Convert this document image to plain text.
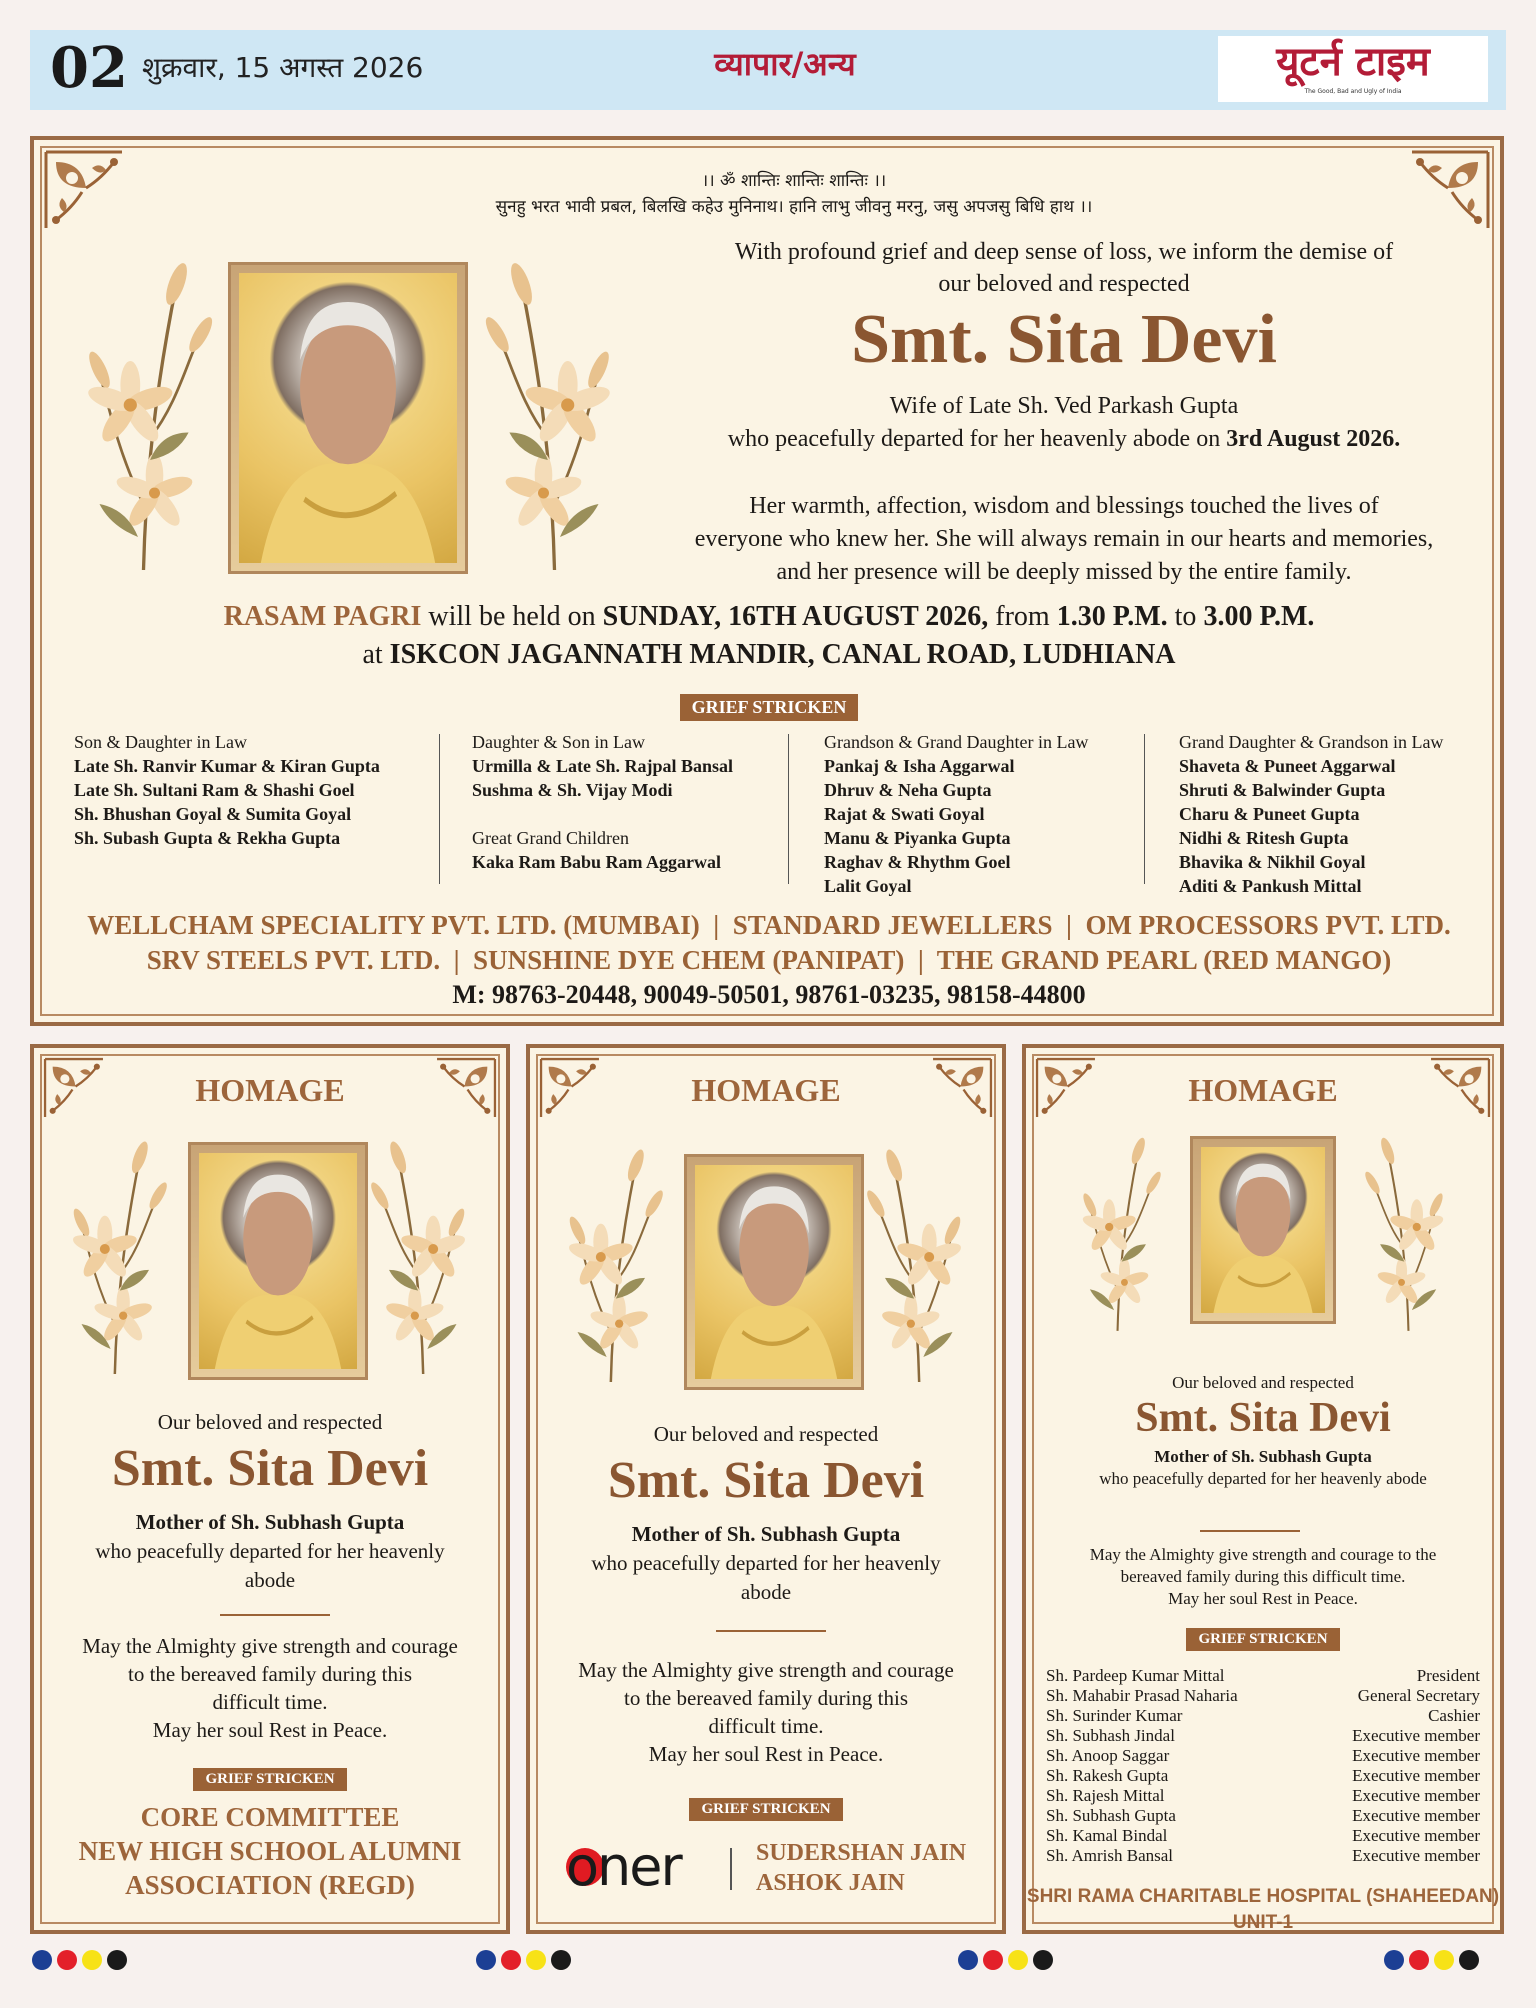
02 शुक्रवार, 15 अगस्त 2026	व्यापार/अन्य	यूटर्न टाइम
The Good, Bad and Ugly of India
।। ॐ शान्तिः शान्तिः शान्तिः ।।
सुनहु भरत भावी प्रबल, बिलखि कहेउ मुनिनाथ। हानि लाभु जीवनु मरनु, जसु अपजसु बिधि हाथ ।।
With profound grief and deep sense of loss, we inform the demise of
our beloved and respected
Smt. Sita Devi
Wife of Late Sh. Ved Parkash Gupta
who peacefully departed for her heavenly abode on 3rd August 2026.
Her warmth, affection, wisdom and blessings touched the lives of
everyone who knew her. She will always remain in our hearts and memories,
and her presence will be deeply missed by the entire family.
RASAM PAGRI will be held on SUNDAY, 16TH AUGUST 2026, from 1.30 P.M. to 3.00 P.M.
at ISKCON JAGANNATH MANDIR, CANAL ROAD, LUDHIANA
GRIEF STRICKEN
Son & Daughter in Law
Late Sh. Ranvir Kumar & Kiran Gupta
Late Sh. Sultani Ram & Shashi Goel
Sh. Bhushan Goyal & Sumita Goyal
Sh. Subash Gupta & Rekha Gupta
Daughter & Son in Law
Urmilla & Late Sh. Rajpal Bansal
Sushma & Sh. Vijay Modi
Great Grand Children
Kaka Ram Babu Ram Aggarwal
Grandson & Grand Daughter in Law
Pankaj & Isha Aggarwal
Dhruv & Neha Gupta
Rajat & Swati Goyal
Manu & Piyanka Gupta
Raghav & Rhythm Goel
Lalit Goyal
Grand Daughter & Grandson in Law
Shaveta & Puneet Aggarwal
Shruti & Balwinder Gupta
Charu & Puneet Gupta
Nidhi & Ritesh Gupta
Bhavika & Nikhil Goyal
Aditi & Pankush Mittal
WELLCHAM SPECIALITY PVT. LTD. (MUMBAI)  |  STANDARD JEWELLERS  |  OM PROCESSORS PVT. LTD.
SRV STEELS PVT. LTD.  |  SUNSHINE DYE CHEM (PANIPAT)  |  THE GRAND PEARL (RED MANGO)
M: 98763-20448, 90049-50501, 98761-03235, 98158-44800
HOMAGE
Our beloved and respected
Smt. Sita Devi
Mother of Sh. Subhash Gupta
who peacefully departed for her heavenly
abode
May the Almighty give strength and courage
to the bereaved family during this
difficult time.
May her soul Rest in Peace.
GRIEF STRICKEN
CORE COMMITTEE
NEW HIGH SCHOOL ALUMNI
ASSOCIATION (REGD)
HOMAGE
Our beloved and respected
Smt. Sita Devi
Mother of Sh. Subhash Gupta
who peacefully departed for her heavenly
abode
May the Almighty give strength and courage
to the bereaved family during this
difficult time.
May her soul Rest in Peace.
GRIEF STRICKEN
oner	SUDERSHAN JAIN
ASHOK JAIN
HOMAGE
Our beloved and respected
Smt. Sita Devi
Mother of Sh. Subhash Gupta
who peacefully departed for her heavenly abode
May the Almighty give strength and courage to the
bereaved family during this difficult time.
May her soul Rest in Peace.
GRIEF STRICKEN
Sh. Pardeep Kumar Mittal	President
Sh. Mahabir Prasad Naharia	General Secretary
Sh. Surinder Kumar	Cashier
Sh. Subhash Jindal	Executive member
Sh. Anoop Saggar	Executive member
Sh. Rakesh Gupta	Executive member
Sh. Rajesh Mittal	Executive member
Sh. Subhash Gupta	Executive member
Sh. Kamal Bindal	Executive member
Sh. Amrish Bansal	Executive member
SHRI RAMA CHARITABLE HOSPITAL (SHAHEEDAN) UNIT-1
